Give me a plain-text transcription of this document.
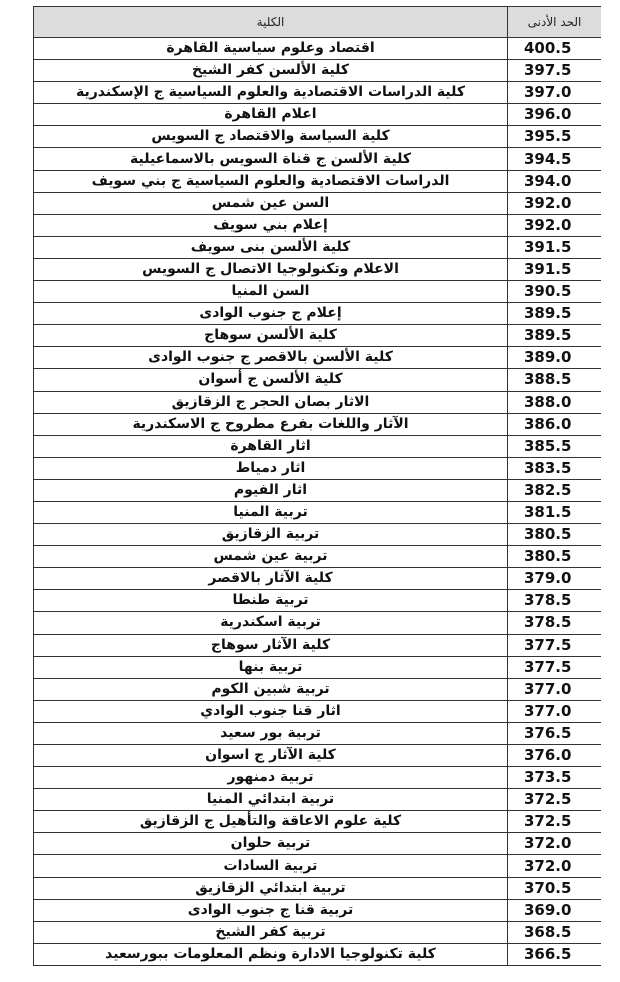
الحد الأدنى	الكلية
400.5	اقتصاد وعلوم سياسية القاهرة
397.5	كلية الألسن كفر الشيخ
397.0	كلية الدراسات الاقتصادية والعلوم السياسية ج الإسكندرية
396.0	اعلام القاهرة
395.5	كلية السياسة والاقتصاد ج السويس
394.5	كلية الألسن ج قناة السويس بالاسماعيلية
394.0	الدراسات الاقتصادية والعلوم السياسية ج بني سويف
392.0	السن عين شمس
392.0	إعلام بني سويف
391.5	كلية الألسن بنى سويف
391.5	الاعلام وتكنولوجيا الاتصال ج السويس
390.5	السن المنيا
389.5	إعلام ج جنوب الوادى
389.5	كلية الألسن سوهاج
389.0	كلية الألسن بالاقصر ج جنوب الوادى
388.5	كلية الألسن ج أسوان
388.0	الاثار بصان الحجر ج الزقازيق
386.0	الآثار واللغات بفرع مطروح ج الاسكندرية
385.5	اثار القاهرة
383.5	اثار دمياط
382.5	اثار الفيوم
381.5	تربية المنيا
380.5	تربية الزقازيق
380.5	تربية عين شمس
379.0	كلية الآثار بالاقصر
378.5	تربية طنطا
378.5	تربية اسكندرية
377.5	كلية الآثار سوهاج
377.5	تربية بنها
377.0	تربية شبين الكوم
377.0	اثار قنا جنوب الوادي
376.5	تربية بور سعيد
376.0	كلية الآثار ج اسوان
373.5	تربية دمنهور
372.5	تربية ابتدائي المنيا
372.5	كلية علوم الاعاقة والتأهيل ج الزقازيق
372.0	تربية حلوان
372.0	تربية السادات
370.5	تربية ابتدائي الزقازيق
369.0	تربية قنا ج جنوب الوادى
368.5	تربية كفر الشيخ
366.5	كلية تكنولوجيا الادارة ونظم المعلومات ببورسعيد
